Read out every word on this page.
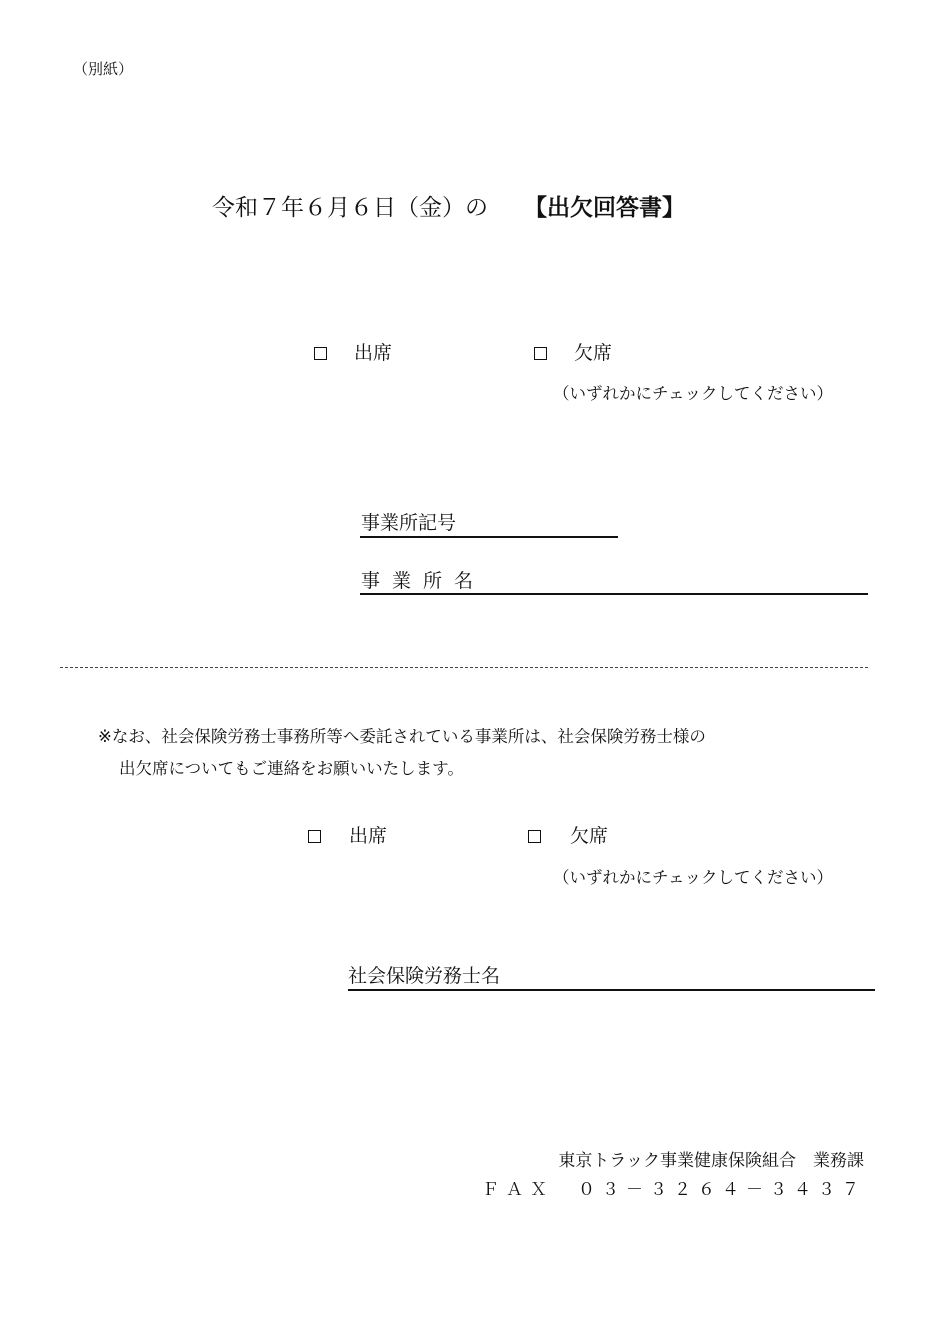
（別紙）
令和７年６月６日（金）の 【出欠回答書】
出席	欠席
（いずれかにチェックしてください）
事業所記号
事業所名
※なお、社会保険労務士事務所等へ委託されている事業所は、社会保険労務士様の
出欠席についてもご連絡をお願いいたします。
出席	欠席
（いずれかにチェックしてください）
社会保険労務士名
東京トラック事業健康保険組合　業務課
ＦＡＸ　０３－３２６４－３４３７
